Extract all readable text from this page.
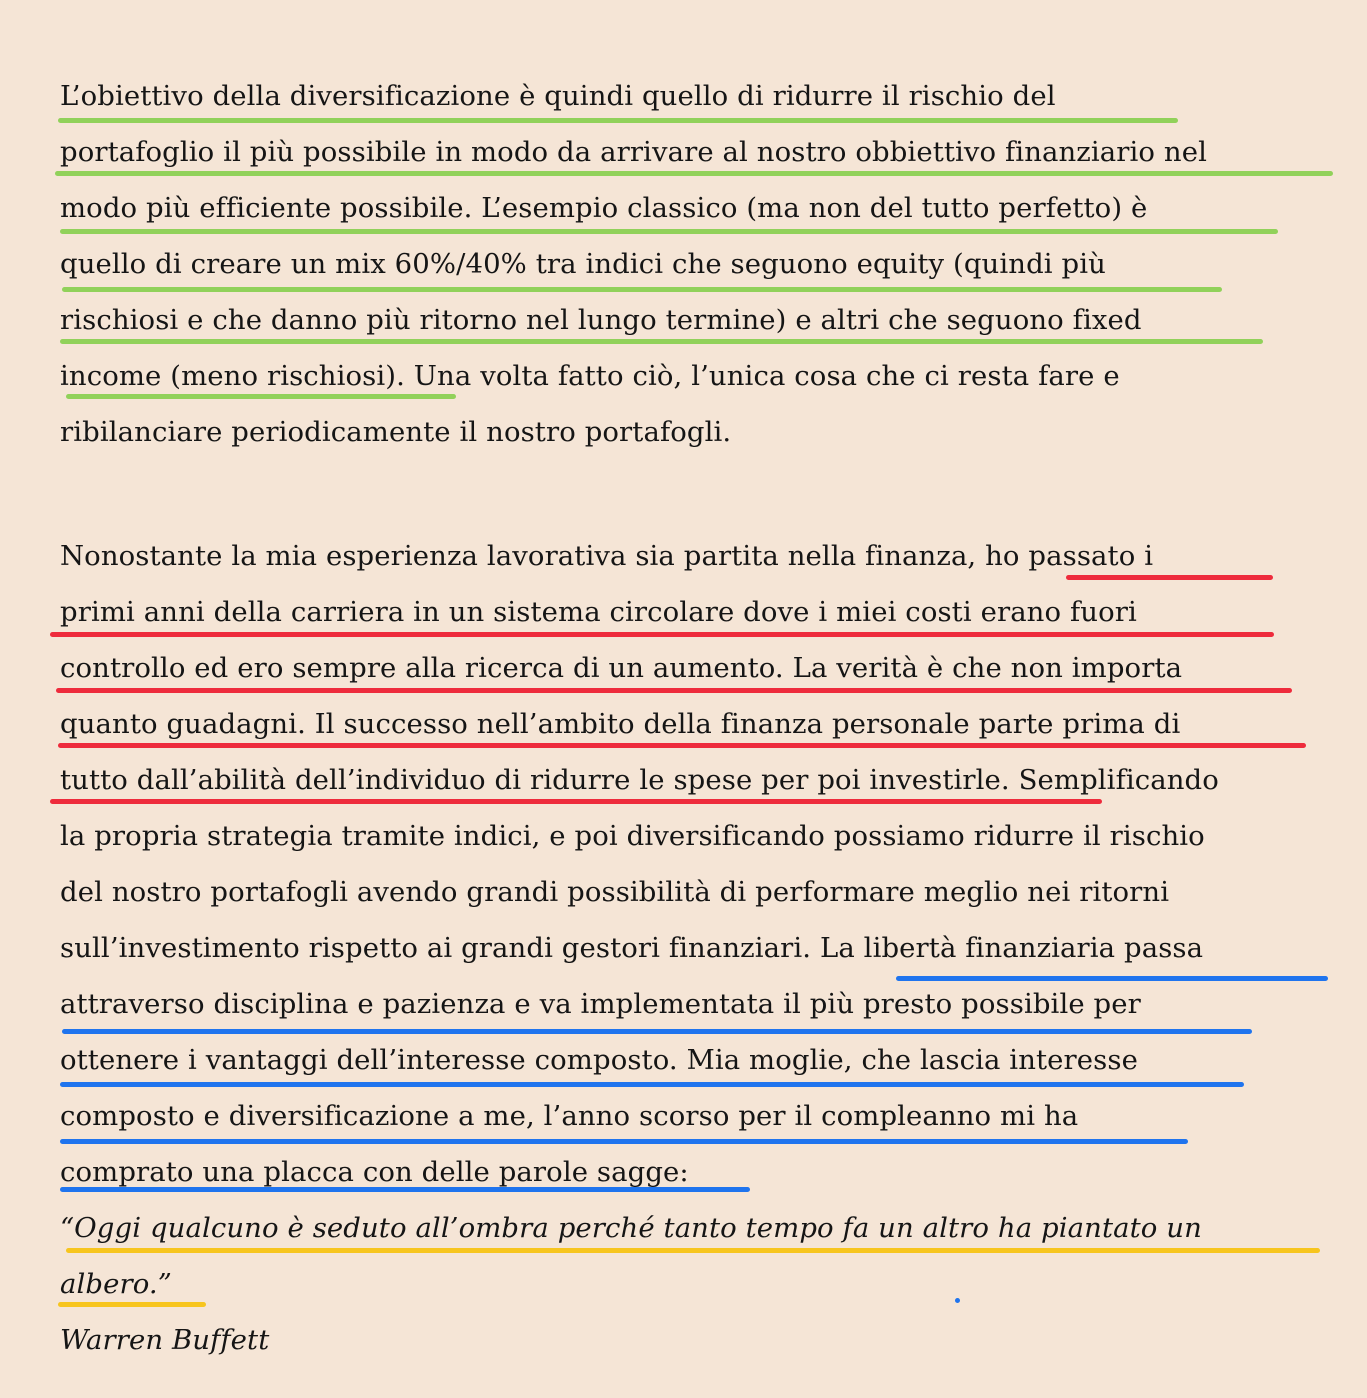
L’obiettivo della diversificazione è quindi quello di ridurre il rischio del
portafoglio il più possibile in modo da arrivare al nostro obbiettivo finanziario nel
modo più efficiente possibile. L’esempio classico (ma non del tutto perfetto) è
quello di creare un mix 60%/40% tra indici che seguono equity (quindi più
rischiosi e che danno più ritorno nel lungo termine) e altri che seguono fixed
income (meno rischiosi). Una volta fatto ciò, l’unica cosa che ci resta fare e
ribilanciare periodicamente il nostro portafogli.
Nonostante la mia esperienza lavorativa sia partita nella finanza, ho passato i
primi anni della carriera in un sistema circolare dove i miei costi erano fuori
controllo ed ero sempre alla ricerca di un aumento. La verità è che non importa
quanto guadagni. Il successo nell’ambito della finanza personale parte prima di
tutto dall’abilità dell’individuo di ridurre le spese per poi investirle. Semplificando
la propria strategia tramite indici, e poi diversificando possiamo ridurre il rischio
del nostro portafogli avendo grandi possibilità di performare meglio nei ritorni
sull’investimento rispetto ai grandi gestori finanziari. La libertà finanziaria passa
attraverso disciplina e pazienza e va implementata il più presto possibile per
ottenere i vantaggi dell’interesse composto. Mia moglie, che lascia interesse
composto e diversificazione a me, l’anno scorso per il compleanno mi ha
comprato una placca con delle parole sagge:
“Oggi qualcuno è seduto all’ombra perché tanto tempo fa un altro ha piantato un
albero.”
Warren Buffett
